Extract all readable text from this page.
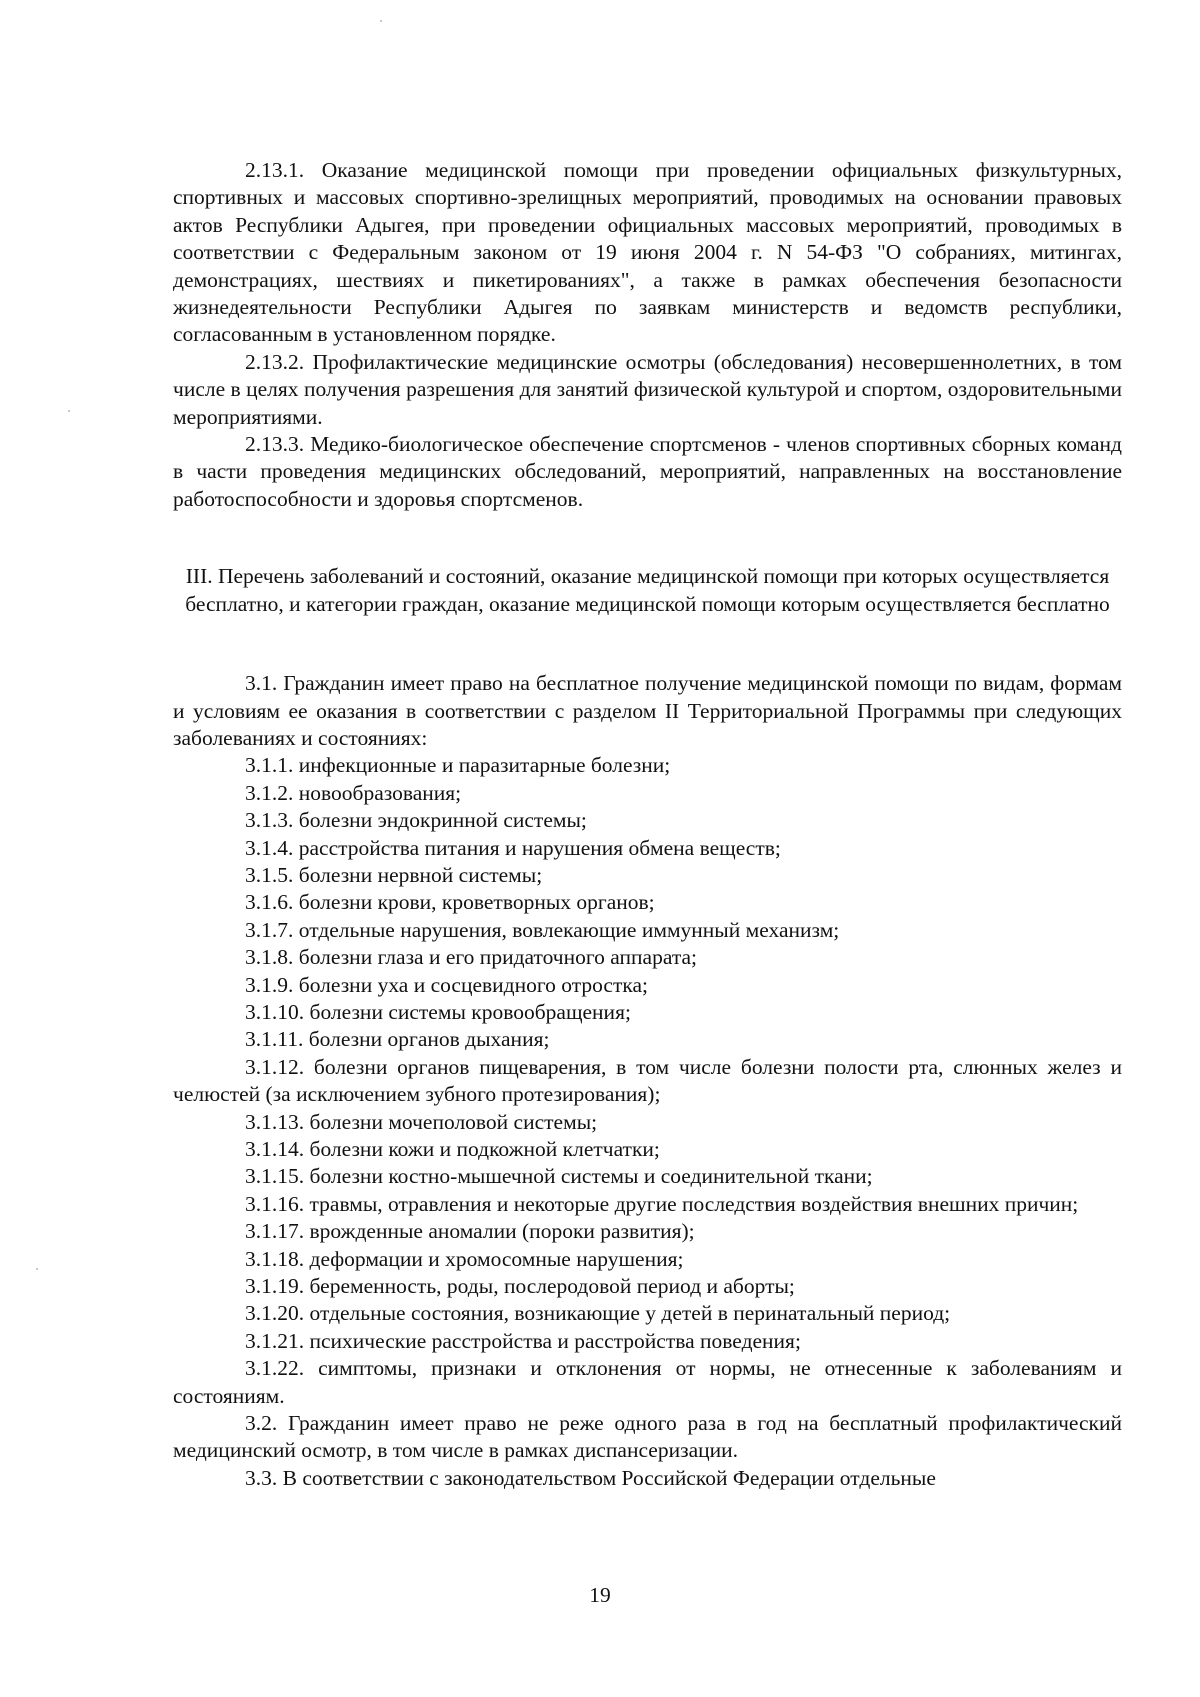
2.13.1. Оказание медицинской помощи при проведении официальных физкультурных, спортивных и массовых спортивно-зрелищных мероприятий, проводимых на основании правовых актов Республики Адыгея, при проведении официальных массовых мероприятий, проводимых в соответствии с Федеральным законом от 19 июня 2004 г. N 54-ФЗ "О собраниях, митингах, демонстрациях, шествиях и пикетированиях", а также в рамках обеспечения безопасности жизнедеятельности Республики Адыгея по заявкам министерств и ведомств республики, согласованным в установленном порядке.

2.13.2. Профилактические медицинские осмотры (обследования) несовершеннолетних, в том числе в целях получения разрешения для занятий физической культурой и спортом, оздоровительными мероприятиями.

2.13.3. Медико-биологическое обеспечение спортсменов - членов спортивных сборных команд в части проведения медицинских обследований, мероприятий, направленных на восстановление работоспособности и здоровья спортсменов.

III. Перечень заболеваний и состояний, оказание медицинской помощи при которых осуществляется бесплатно, и категории граждан, оказание медицинской помощи которым осуществляется бесплатно

3.1. Гражданин имеет право на бесплатное получение медицинской помощи по видам, формам и условиям ее оказания в соответствии с разделом II Территориальной Программы при следующих заболеваниях и состояниях:

3.1.1. инфекционные и паразитарные болезни;
3.1.2. новообразования;
3.1.3. болезни эндокринной системы;
3.1.4. расстройства питания и нарушения обмена веществ;
3.1.5. болезни нервной системы;
3.1.6. болезни крови, кроветворных органов;
3.1.7. отдельные нарушения, вовлекающие иммунный механизм;
3.1.8. болезни глаза и его придаточного аппарата;
3.1.9. болезни уха и сосцевидного отростка;
3.1.10. болезни системы кровообращения;
3.1.11. болезни органов дыхания;
3.1.12. болезни органов пищеварения, в том числе болезни полости рта, слюнных желез и челюстей (за исключением зубного протезирования);
3.1.13. болезни мочеполовой системы;
3.1.14. болезни кожи и подкожной клетчатки;
3.1.15. болезни костно-мышечной системы и соединительной ткани;
3.1.16. травмы, отравления и некоторые другие последствия воздействия внешних причин;
3.1.17. врожденные аномалии (пороки развития);
3.1.18. деформации и хромосомные нарушения;
3.1.19. беременность, роды, послеродовой период и аборты;
3.1.20. отдельные состояния, возникающие у детей в перинатальный период;
3.1.21. психические расстройства и расстройства поведения;
3.1.22. симптомы, признаки и отклонения от нормы, не отнесенные к заболеваниям и состояниям.

3.2. Гражданин имеет право не реже одного раза в год на бесплатный профилактический медицинский осмотр, в том числе в рамках диспансеризации.

3.3. В соответствии с законодательством Российской Федерации отдельные

19
